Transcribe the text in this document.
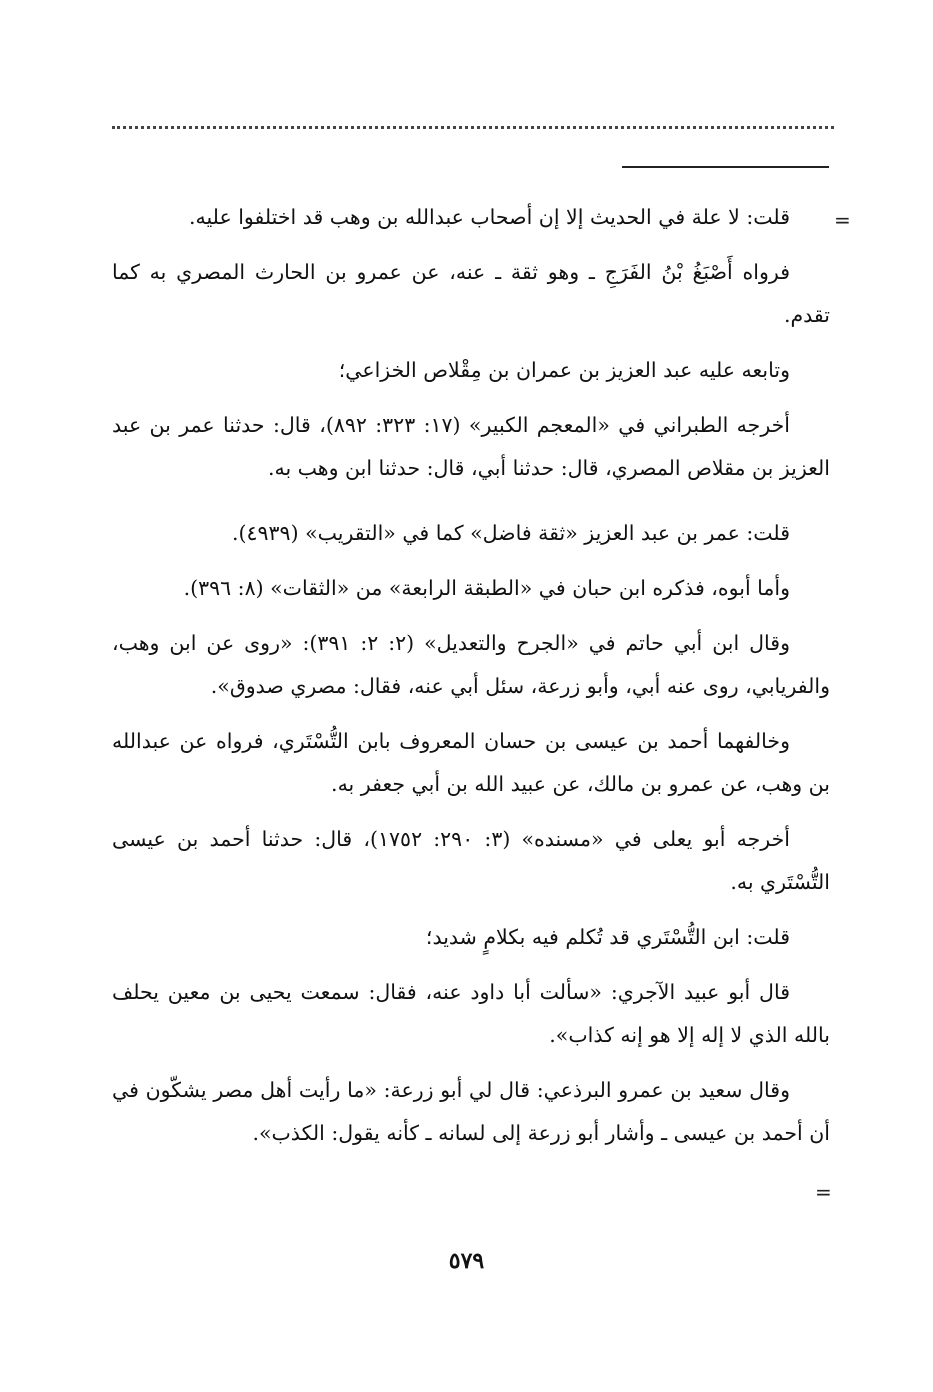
=

قلت: لا علة في الحديث إلا إن أصحاب عبدالله بن وهب قد اختلفوا عليه.

فرواه أَصْبَغُ بْنُ الفَرَجِ ـ وهو ثقة ـ عنه، عن عمرو بن الحارث المصري به كما تقدم.

وتابعه عليه عبد العزيز بن عمران بن مِقْلاص الخزاعي؛

أخرجه الطبراني في «المعجم الكبير» (١٧: ٣٢٣: ٨٩٢)، قال: حدثنا عمر بن عبد العزيز بن مقلاص المصري، قال: حدثنا أبي، قال: حدثنا ابن وهب به.

قلت: عمر بن عبد العزيز «ثقة فاضل» كما في «التقريب» (٤٩٣٩).

وأما أبوه، فذكره ابن حبان في «الطبقة الرابعة» من «الثقات» (٨: ٣٩٦).

وقال ابن أبي حاتم في «الجرح والتعديل» (٢: ٢: ٣٩١): «روى عن ابن وهب، والفريابي، روى عنه أبي، وأبو زرعة، سئل أبي عنه، فقال: مصري صدوق».

وخالفهما أحمد بن عيسى بن حسان المعروف بابن التُّسْتَري، فرواه عن عبدالله بن وهب، عن عمرو بن مالك، عن عبيد الله بن أبي جعفر به.

أخرجه أبو يعلى في «مسنده» (٣: ٢٩٠: ١٧٥٢)، قال: حدثنا أحمد بن عيسى التُّسْتَري به.

قلت: ابن التُّسْتَري قد تُكلم فيه بكلامٍ شديد؛

قال أبو عبيد الآجري: «سألت أبا داود عنه، فقال: سمعت يحيى بن معين يحلف بالله الذي لا إله إلا هو إنه كذاب».

وقال سعيد بن عمرو البرذعي: قال لي أبو زرعة: «ما رأيت أهل مصر يشكّون في أن أحمد بن عيسى ـ وأشار أبو زرعة إلى لسانه ـ كأنه يقول: الكذب».

=
٥٧٩
